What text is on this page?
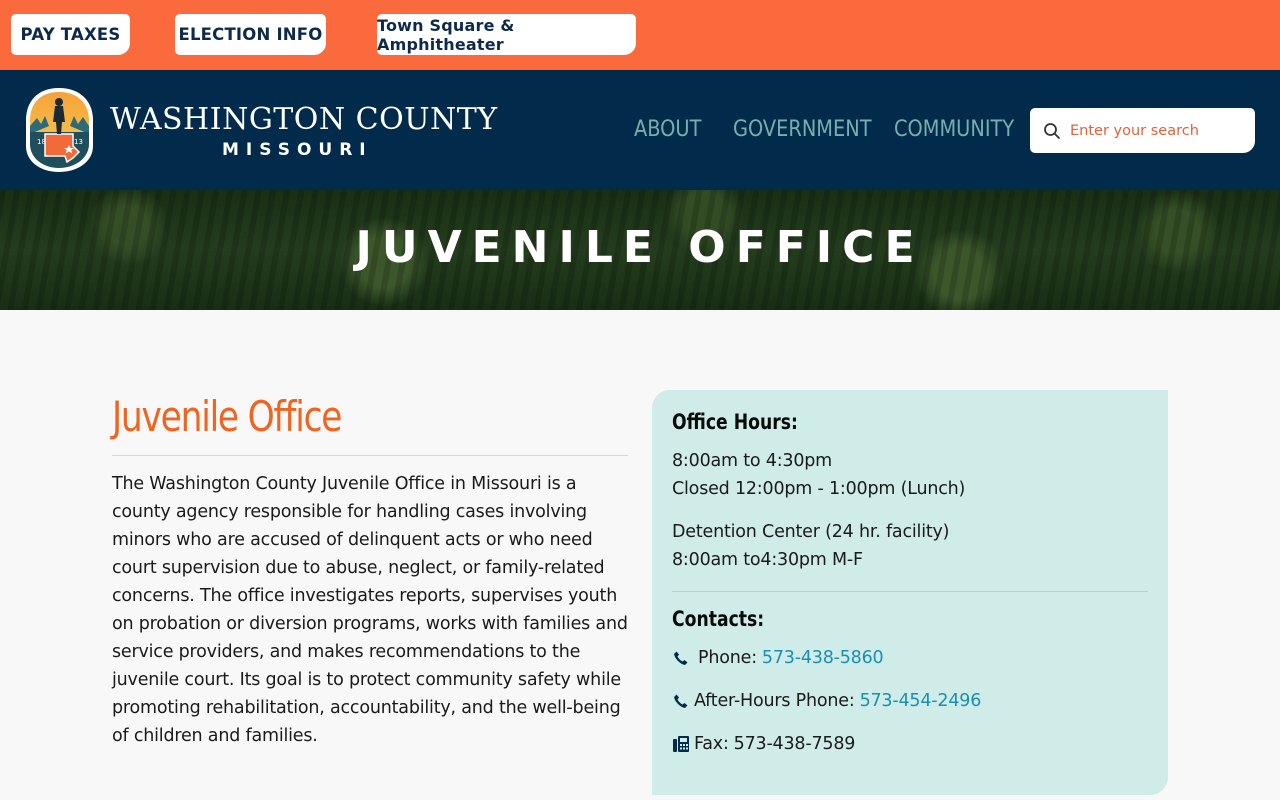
PAY TAXES	ELECTION INFO	Town Square & Amphitheater
18	13
WASHINGTON COUNTY
MISSOURI
ABOUT GOVERNMENT COMMUNITY
Enter your search
JUVENILE OFFICE
Juvenile Office
The Washington County Juvenile Office in Missouri is a county agency responsible for handling cases involving minors who are accused of delinquent acts or who need court supervision due to abuse, neglect, or family-related concerns. The office investigates reports, supervises youth on probation or diversion programs, works with families and service providers, and makes recommendations to the juvenile court. Its goal is to protect community safety while promoting rehabilitation, accountability, and the well-being of children and families.
Office Hours:
8:00am to 4:30pm
Closed 12:00pm - 1:00pm (Lunch)
Detention Center (24 hr. facility)
8:00am to4:30pm M-F
Contacts:
Phone: 573-438-5860
After-Hours Phone: 573-454-2496
Fax: 573-438-7589
